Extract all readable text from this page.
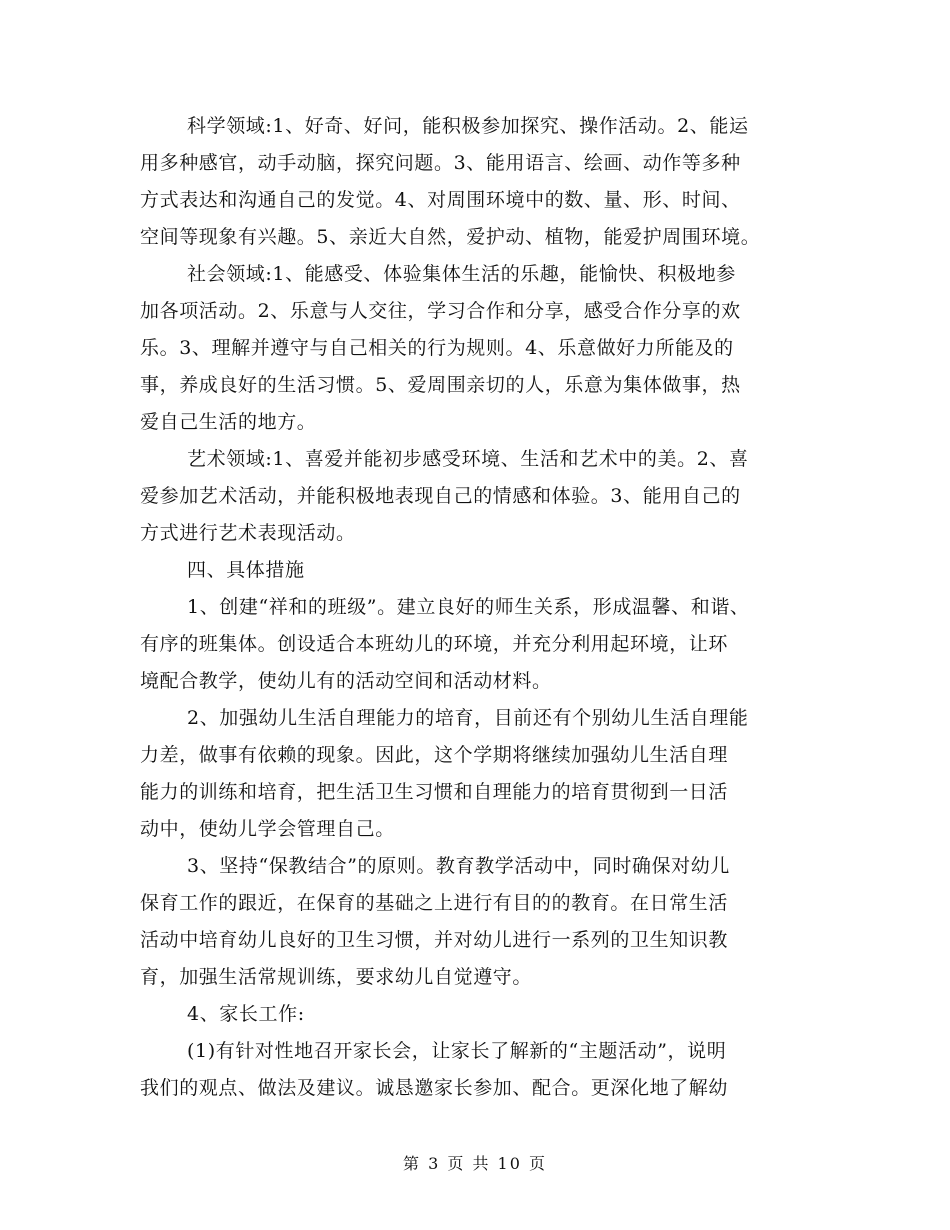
科学领域:1、好奇、好问，能积极参加探究、操作活动。2、能运
用多种感官，动手动脑，探究问题。3、能用语言、绘画、动作等多种
方式表达和沟通自己的发觉。4、对周围环境中的数、量、形、时间、
空间等现象有兴趣。5、亲近大自然，爱护动、植物，能爱护周围环境。
社会领域:1、能感受、体验集体生活的乐趣，能愉快、积极地参
加各项活动。2、乐意与人交往，学习合作和分享，感受合作分享的欢
乐。3、理解并遵守与自己相关的行为规则。4、乐意做好力所能及的
事，养成良好的生活习惯。5、爱周围亲切的人，乐意为集体做事，热
爱自己生活的地方。
艺术领域:1、喜爱并能初步感受环境、生活和艺术中的美。2、喜
爱参加艺术活动，并能积极地表现自己的情感和体验。3、能用自己的
方式进行艺术表现活动。
四、具体措施
1、创建“祥和的班级”。建立良好的师生关系，形成温馨、和谐、
有序的班集体。创设适合本班幼儿的环境，并充分利用起环境，让环
境配合教学，使幼儿有的活动空间和活动材料。
2、加强幼儿生活自理能力的培育，目前还有个别幼儿生活自理能
力差，做事有依赖的现象。因此，这个学期将继续加强幼儿生活自理
能力的训练和培育，把生活卫生习惯和自理能力的培育贯彻到一日活
动中，使幼儿学会管理自己。
3、坚持“保教结合”的原则。教育教学活动中，同时确保对幼儿
保育工作的跟近，在保育的基础之上进行有目的的教育。在日常生活
活动中培育幼儿良好的卫生习惯，并对幼儿进行一系列的卫生知识教
育，加强生活常规训练，要求幼儿自觉遵守。
4、家长工作:
(1)有针对性地召开家长会，让家长了解新的“主题活动”，说明
我们的观点、做法及建议。诚恳邀家长参加、配合。更深化地了解幼
第 3 页 共 10 页
